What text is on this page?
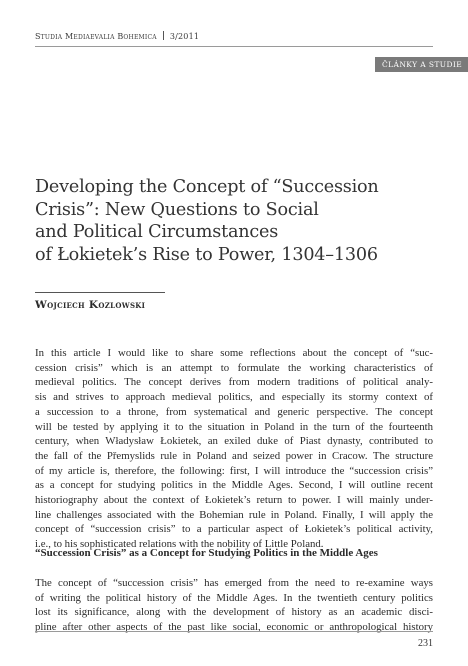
Studia Mediaevalia Bohemica 3/2011
ČLÁNKY A STUDIE
Developing the Concept of “Succession
Crisis”: New Questions to Social
and Political Circumstances
of Łokietek’s Rise to Power, 1304–1306
Wojciech Kozlowski
In this article I would like to share some reflections about the concept of “suc-
cession crisis” which is an attempt to formulate the working characteristics of
medieval politics. The concept derives from modern traditions of political analy-
sis and strives to approach medieval politics, and especially its stormy context of
a succession to a throne, from systematical and generic perspective. The concept
will be tested by applying it to the situation in Poland in the turn of the fourteenth
century, when Władysław Łokietek, an exiled duke of Piast dynasty, contributed to
the fall of the Přemyslids rule in Poland and seized power in Cracow. The structure
of my article is, therefore, the following: first, I will introduce the “succession crisis”
as a concept for studying politics in the Middle Ages. Second, I will outline recent
historiography about the context of Łokietek’s return to power. I will mainly under-
line challenges associated with the Bohemian rule in Poland. Finally, I will apply the
concept of “succession crisis” to a particular aspect of Łokietek’s political activity,
i.e., to his sophisticated relations with the nobility of Little Poland.
“Succession Crisis” as a Concept for Studying Politics in the Middle Ages
The concept of “succession crisis” has emerged from the need to re-examine ways
of writing the political history of the Middle Ages. In the twentieth century politics
lost its significance, along with the development of history as an academic disci-
pline after other aspects of the past like social, economic or anthropological history
231
